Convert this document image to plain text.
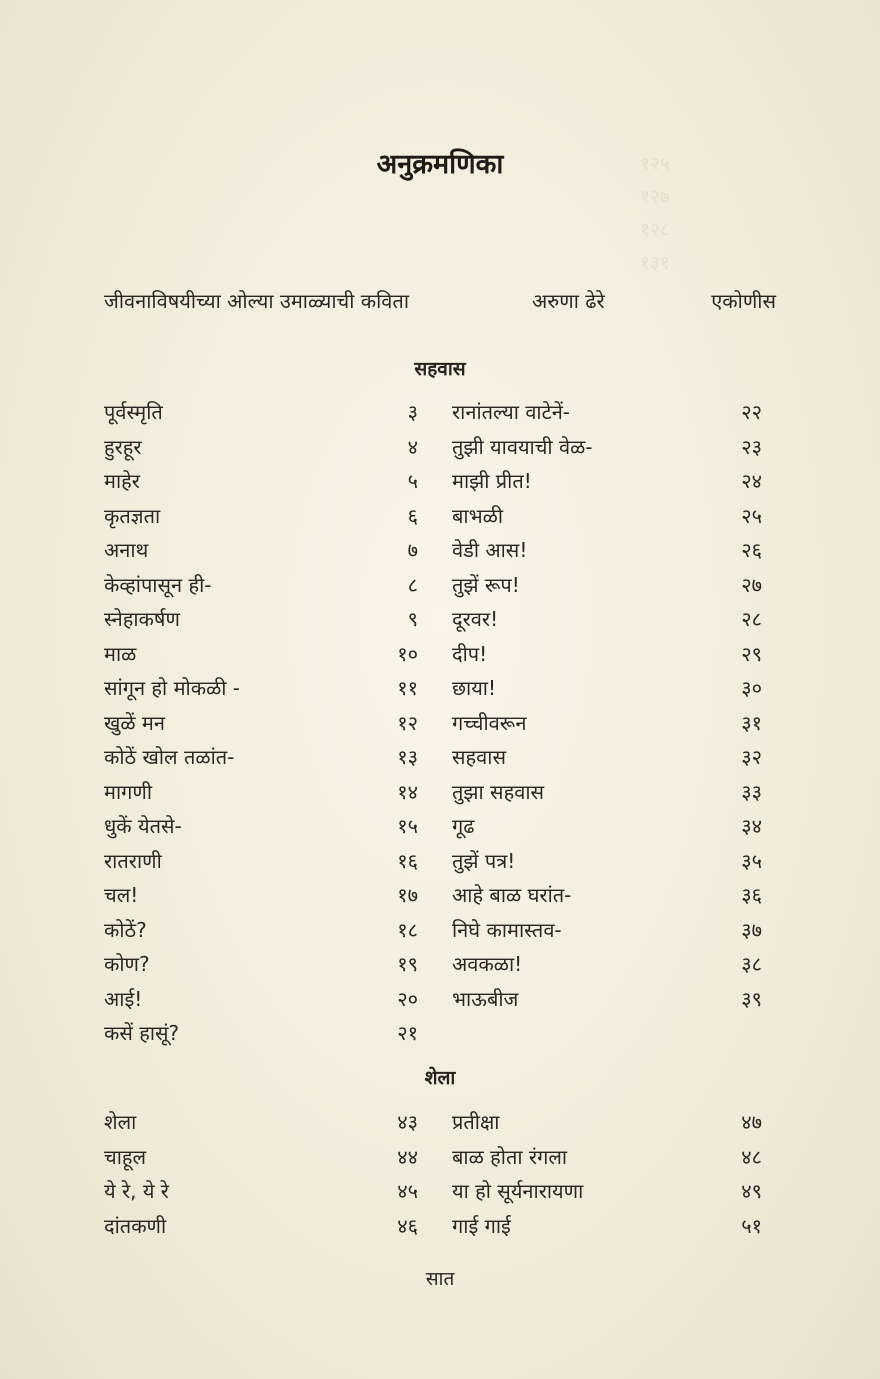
१२५
१२७
१२८
१३१
अनुक्रमणिका
जीवनाविषयीच्या ओल्या उमाळ्याची कविता	अरुणा ढेरे	एकोणीस
सहवास
शेला
पूर्वस्मृति	३
हुरहूर	४
माहेर	५
कृतज्ञता	६
अनाथ	७
केव्हांपासून ही-	८
स्नेहाकर्षण	९
माळ	१०
सांगून हो मोकळी -	११
खुळें मन	१२
कोठें खोल तळांत-	१३
मागणी	१४
धुकें येतसे-	१५
रातराणी	१६
चल!	१७
कोठें?	१८
कोण?	१९
आई!	२०
कसें हासूं?	२१
रानांतल्या वाटेनें-	२२
तुझी यावयाची वेळ-	२३
माझी प्रीत!	२४
बाभळी	२५
वेडी आस!	२६
तुझें रूप!	२७
दूरवर!	२८
दीप!	२९
छाया!	३०
गच्चीवरून	३१
सहवास	३२
तुझा सहवास	३३
गूढ	३४
तुझें पत्र!	३५
आहे बाळ घरांत-	३६
निघे कामास्तव-	३७
अवकळा!	३८
भाऊबीज	३९
शेला	४३
चाहूल	४४
ये रे, ये रे	४५
दांतकणी	४६
प्रतीक्षा	४७
बाळ होता रंगला	४८
या हो सूर्यनारायणा	४९
गाई गाई	५१
सात
